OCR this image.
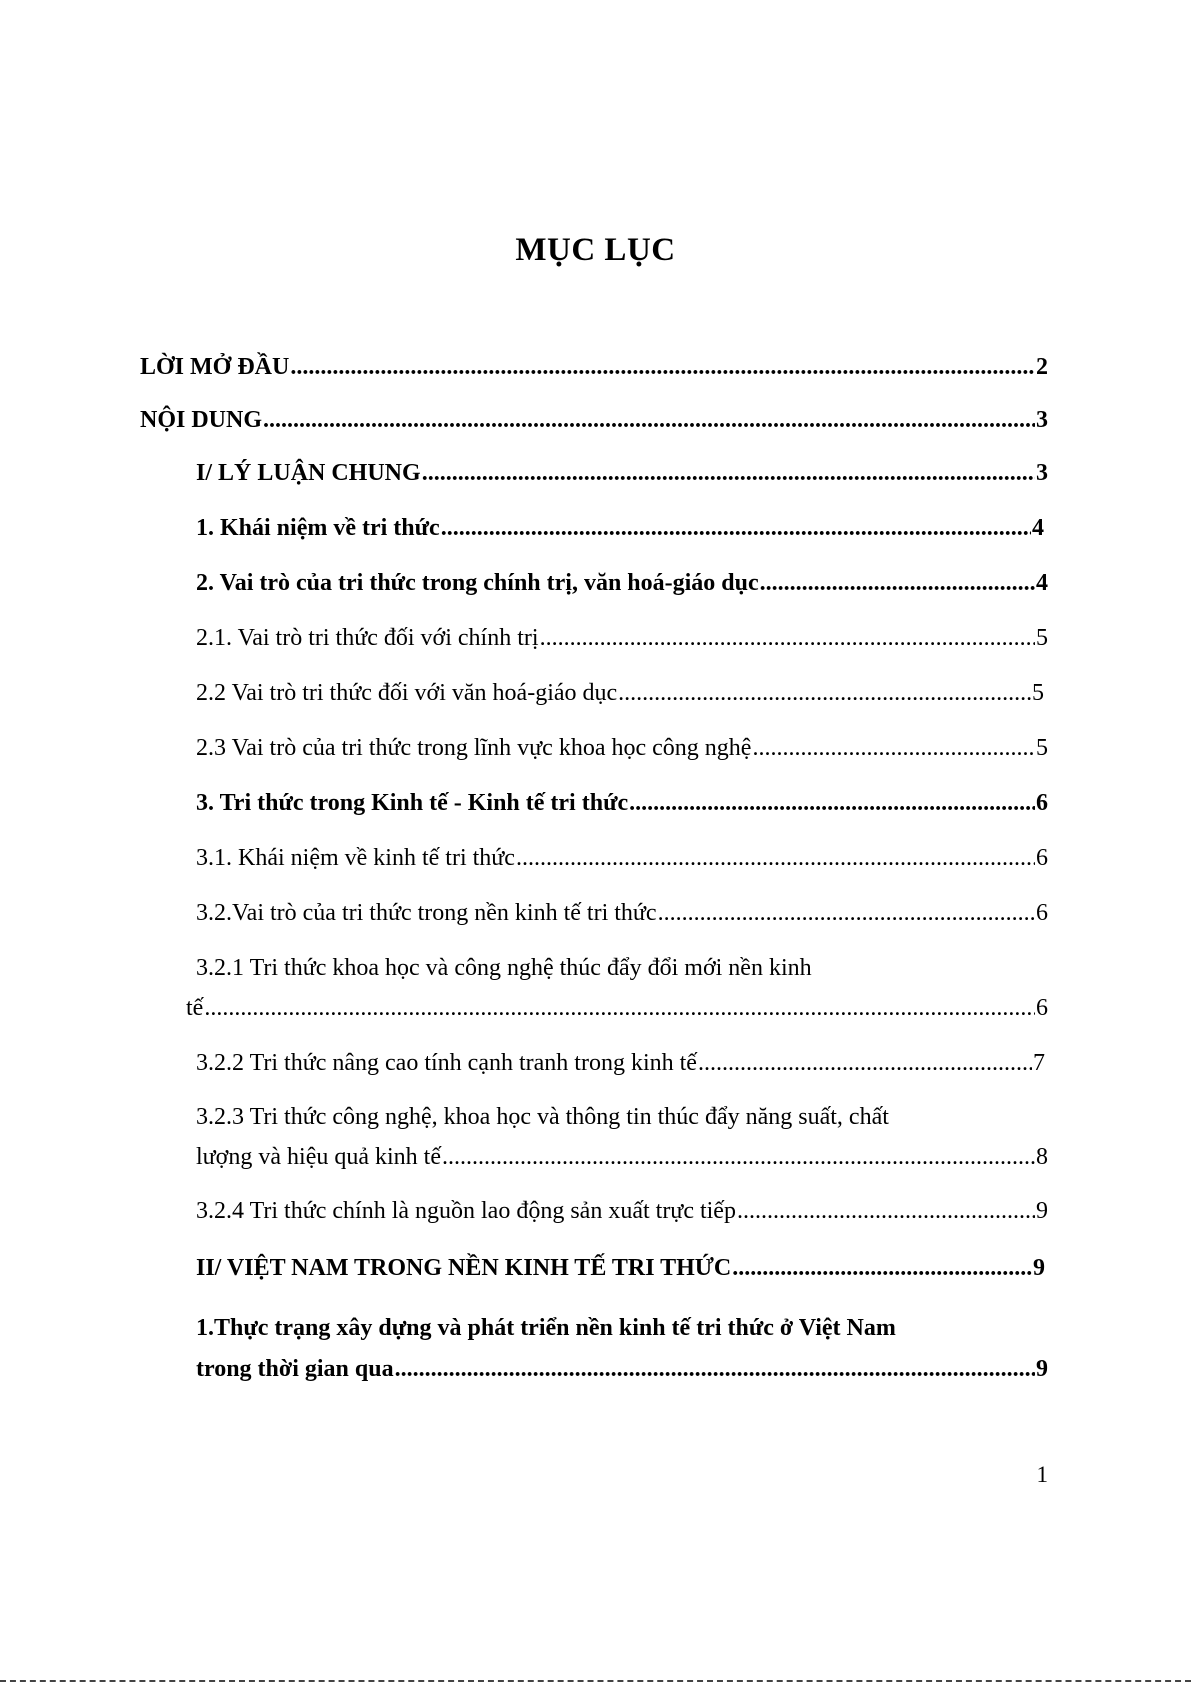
MỤC LỤC
LỜI MỞ ĐẦU .....	2
NỘI DUNG .....	3
I/ LÝ LUẬN CHUNG .....	3
1. Khái niệm về tri thức .....	4
2. Vai trò của tri thức trong chính trị, văn hoá-giáo dục .....	4
2.1. Vai trò tri thức đối với chính trị .....	5
2.2 Vai trò tri thức đối với văn hoá-giáo dục .....	5
2.3 Vai trò của tri thức trong lĩnh vực khoa học công nghệ .....	5
3. Tri thức trong Kinh tế - Kinh tế tri thức .....	6
3.1. Khái niệm về kinh tế tri thức .....	6
3.2.Vai trò của tri thức trong nền kinh tế tri thức .....	6
3.2.1 Tri thức khoa học và công nghệ thúc đẩy đổi mới nền kinh
tế .....	6
3.2.2 Tri thức nâng cao tính cạnh tranh trong kinh tế .....	7
3.2.3 Tri thức công nghệ, khoa học và thông tin thúc đẩy năng suất, chất
lượng và hiệu quả kinh tế .....	8
3.2.4 Tri thức chính là nguồn lao động sản xuất trực tiếp .....	9
II/ VIỆT NAM TRONG NỀN KINH TẾ TRI THỨC .....	9
1.Thực trạng xây dựng và phát triển nền kinh tế tri thức ở Việt Nam
trong thời gian qua .....	9
1
